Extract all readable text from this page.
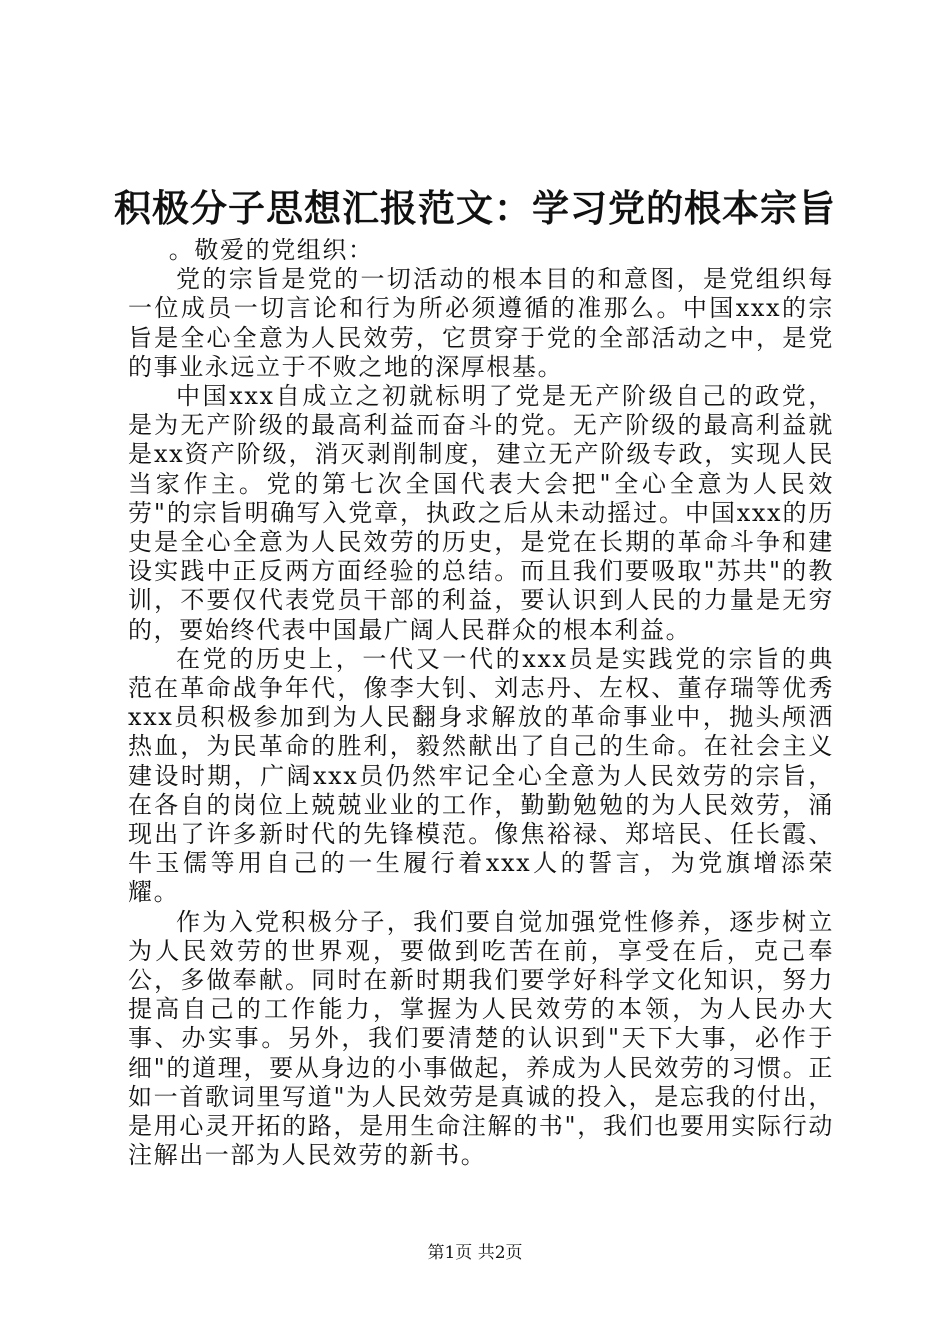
积极分子思想汇报范文：学习党的根本宗旨

。敬爱的党组织：

党的宗旨是党的一切活动的根本目的和意图，是党组织每一位成员一切言论和行为所必须遵循的准那么。中国xxx的宗旨是全心全意为人民效劳，它贯穿于党的全部活动之中，是党的事业永远立于不败之地的深厚根基。

中国xxx自成立之初就标明了党是无产阶级自己的政党，是为无产阶级的最高利益而奋斗的党。无产阶级的最高利益就是xx资产阶级，消灭剥削制度，建立无产阶级专政，实现人民当家作主。党的第七次全国代表大会把"全心全意为人民效劳"的宗旨明确写入党章，执政之后从未动摇过。中国xxx的历史是全心全意为人民效劳的历史，是党在长期的革命斗争和建设实践中正反两方面经验的总结。而且我们要吸取"苏共"的教训，不要仅代表党员干部的利益，要认识到人民的力量是无穷的，要始终代表中国最广阔人民群众的根本利益。

在党的历史上，一代又一代的xxx员是实践党的宗旨的典范在革命战争年代，像李大钊、刘志丹、左权、董存瑞等优秀xxx员积极参加到为人民翻身求解放的革命事业中，抛头颅洒热血，为民革命的胜利，毅然献出了自己的生命。在社会主义建设时期，广阔xxx员仍然牢记全心全意为人民效劳的宗旨，在各自的岗位上兢兢业业的工作，勤勤勉勉的为人民效劳，涌现出了许多新时代的先锋模范。像焦裕禄、郑培民、任长霞、牛玉儒等用自己的一生履行着xxx人的誓言，为党旗增添荣耀。

作为入党积极分子，我们要自觉加强党性修养，逐步树立为人民效劳的世界观，要做到吃苦在前，享受在后，克己奉公，多做奉献。同时在新时期我们要学好科学文化知识，努力提高自己的工作能力，掌握为人民效劳的本领，为人民办大事、办实事。另外，我们要清楚的认识到"天下大事，必作于细"的道理，要从身边的小事做起，养成为人民效劳的习惯。正如一首歌词里写道"为人民效劳是真诚的投入，是忘我的付出，是用心灵开拓的路，是用生命注解的书"，我们也要用实际行动注解出一部为人民效劳的新书。

第1页 共2页
